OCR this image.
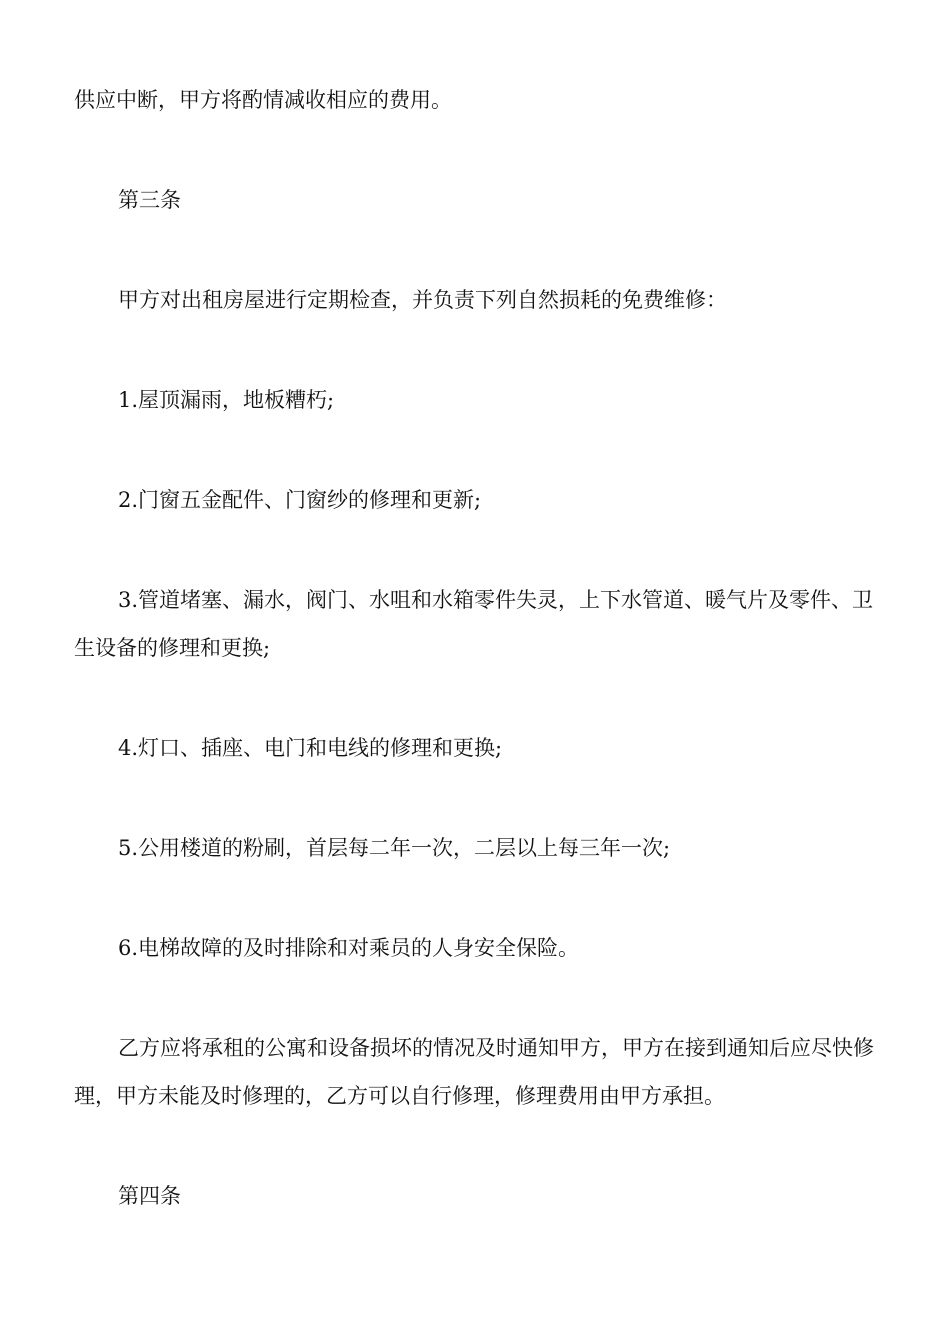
供应中断，甲方将酌情减收相应的费用。

第三条

甲方对出租房屋进行定期检查，并负责下列自然损耗的免费维修：

1.屋顶漏雨，地板糟朽;

2.门窗五金配件、门窗纱的修理和更新;

3.管道堵塞、漏水，阀门、水咀和水箱零件失灵，上下水管道、暖气片及零件、卫生设备的修理和更换;

4.灯口、插座、电门和电线的修理和更换;

5.公用楼道的粉刷，首层每二年一次，二层以上每三年一次;

6.电梯故障的及时排除和对乘员的人身安全保险。

乙方应将承租的公寓和设备损坏的情况及时通知甲方，甲方在接到通知后应尽快修理，甲方未能及时修理的，乙方可以自行修理，修理费用由甲方承担。

第四条
